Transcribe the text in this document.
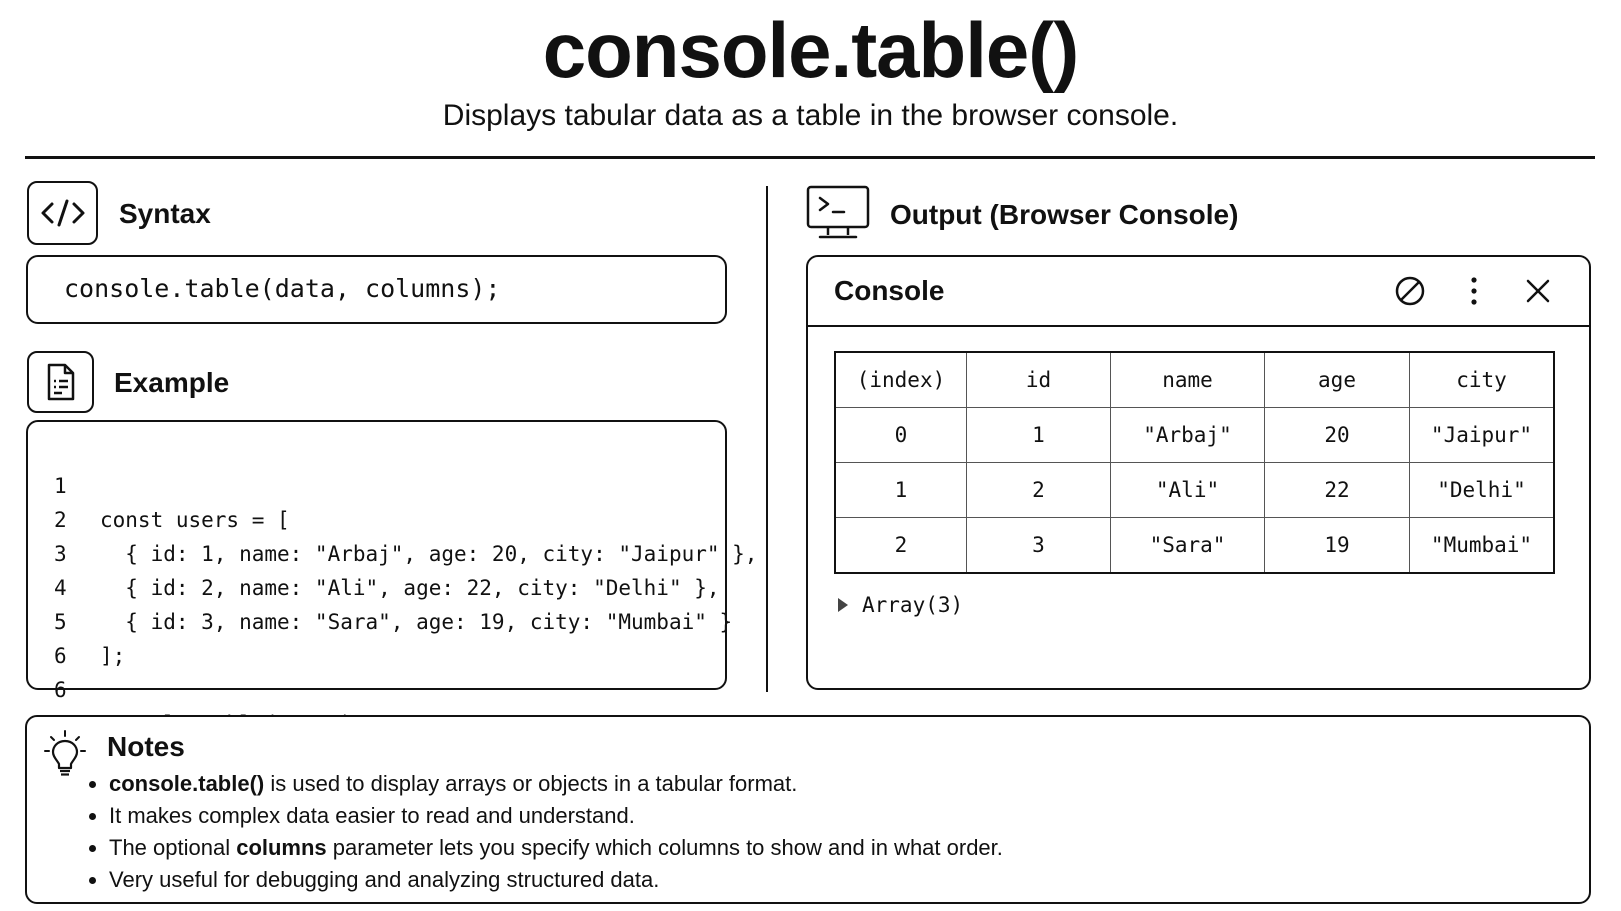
console.table()
Displays tabular data as a table in the browser console.
Syntax
console.table(data, columns);
Example

1

const users = [

2

{ id: 1, name: "Arbaj", age: 20, city: "Jaipur" },

3

{ id: 2, name: "Ali", age: 22, city: "Delhi" },

4

{ id: 3, name: "Sara", age: 19, city: "Mumbai" }

5

];

6

6

Output (Browser Console)
Console
(index)	id	name	age	city
0	1	"Arbaj"	20	"Jaipur"
1	2	"Ali"	22	"Delhi"
2	3	"Sara"	19	"Mumbai"
Array(3)
Notes
console.table() is used to display arrays or objects in a tabular format.
It makes complex data easier to read and understand.
The optional columns parameter lets you specify which columns to show and in what order.
Very useful for debugging and analyzing structured data.
